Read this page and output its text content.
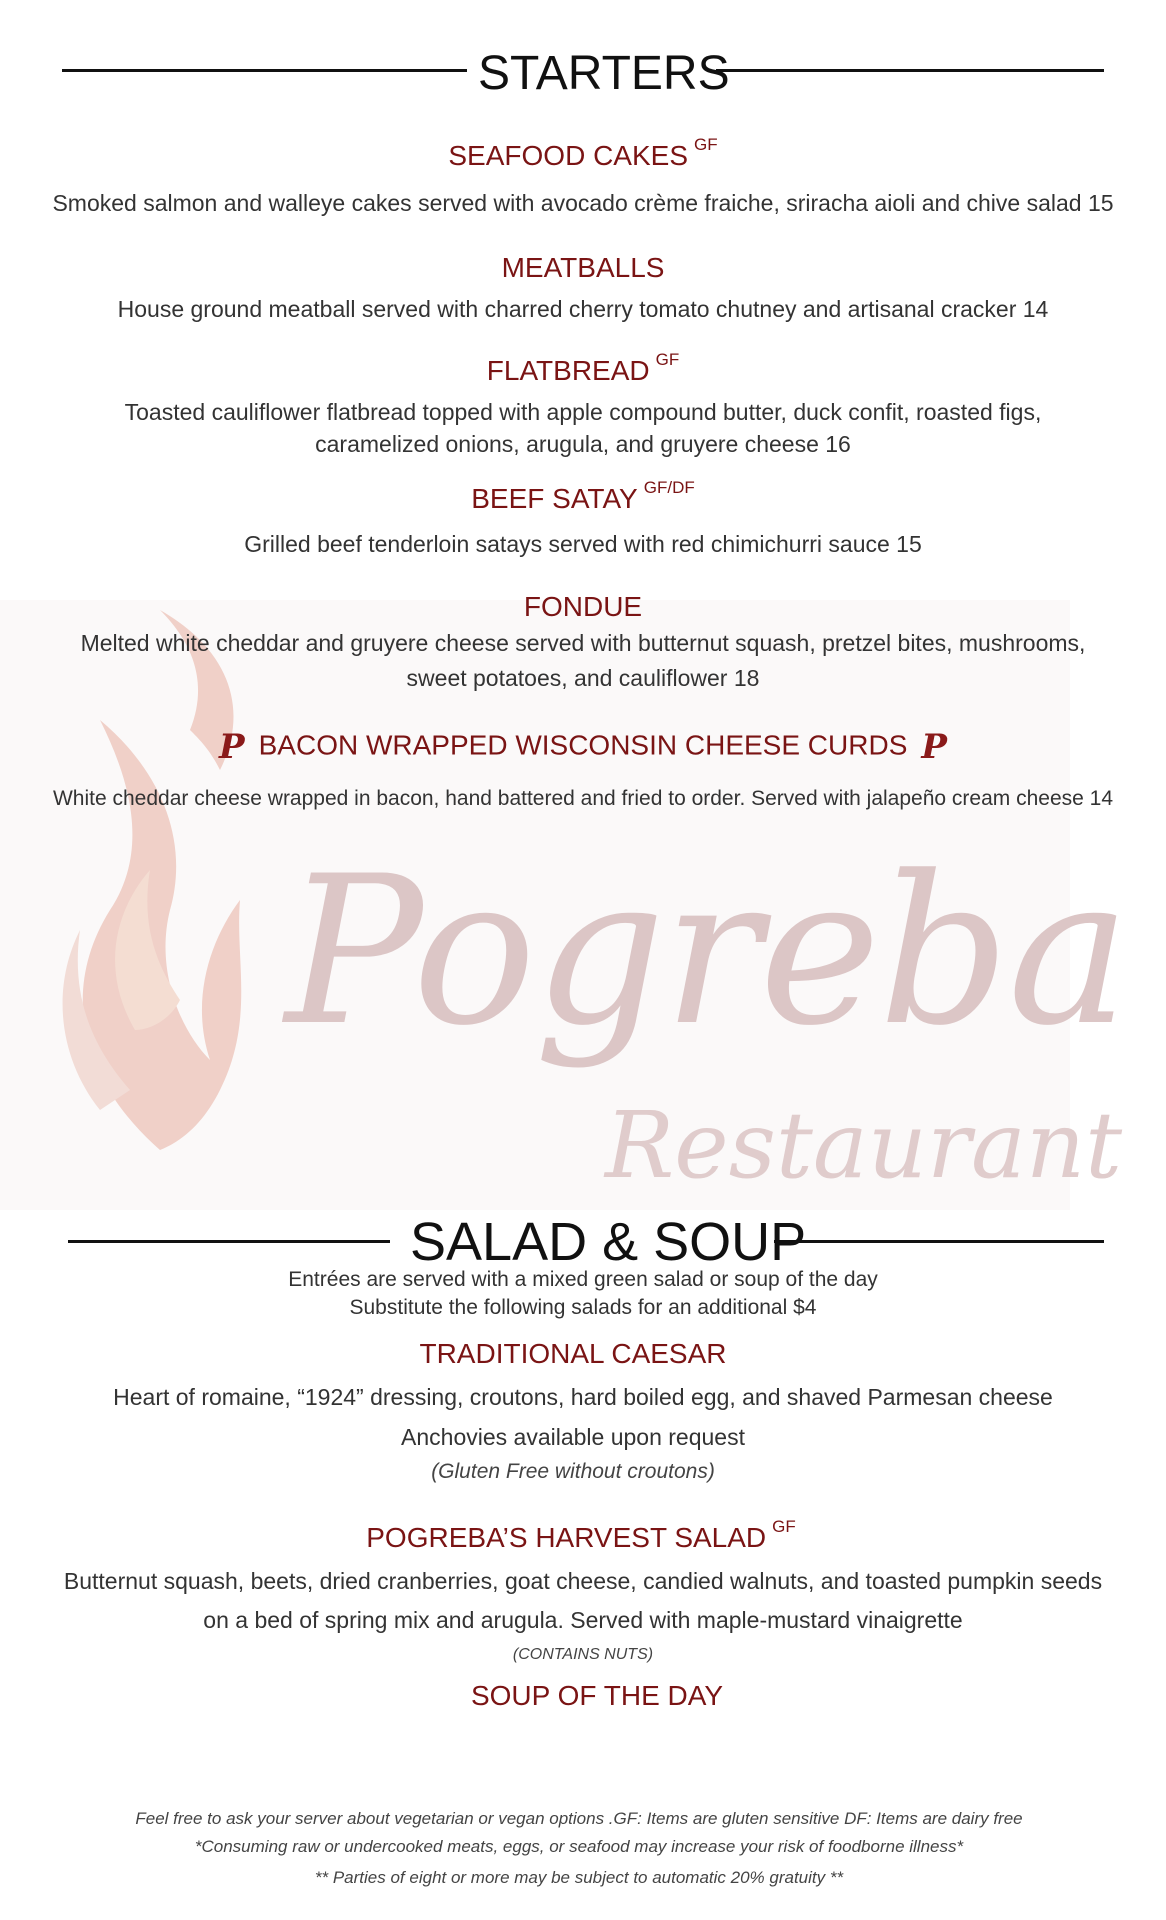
Pogreba
Restaurant
STARTERS
SEAFOOD CAKES $^{GF}$
Smoked salmon and walleye cakes served with avocado crème fraiche, sriracha aioli and chive salad 15
MEATBALLS
House ground meatball served with charred cherry tomato chutney and artisanal cracker 14
FLATBREAD $^{GF}$
Toasted cauliflower flatbread topped with apple compound butter, duck confit, roasted figs,
caramelized onions, arugula, and gruyere cheese 16
BEEF SATAY $^{GF/DF}$
Grilled beef tenderloin satays served with red chimichurri sauce 15
FONDUE
Melted white cheddar and gruyere cheese served with butternut squash, pretzel bites, mushrooms,
sweet potatoes, and cauliflower 18
P BACON WRAPPED WISCONSIN CHEESE CURDS P
White cheddar cheese wrapped in bacon, hand battered and fried to order. Served with jalapeño cream cheese 14
SALAD & SOUP
Entrées are served with a mixed green salad or soup of the day
Substitute the following salads for an additional $4
TRADITIONAL CAESAR
Heart of romaine, “1924” dressing, croutons, hard boiled egg, and shaved Parmesan cheese
Anchovies available upon request
(Gluten Free without croutons)
POGREBA’S HARVEST SALAD $^{GF}$
Butternut squash, beets, dried cranberries, goat cheese, candied walnuts, and toasted pumpkin seeds
on a bed of spring mix and arugula. Served with maple-mustard vinaigrette
(CONTAINS NUTS)
SOUP OF THE DAY
Feel free to ask your server about vegetarian or vegan options .GF: Items are gluten sensitive DF: Items are dairy free
*Consuming raw or undercooked meats, eggs, or seafood may increase your risk of foodborne illness*
** Parties of eight or more may be subject to automatic 20% gratuity **
